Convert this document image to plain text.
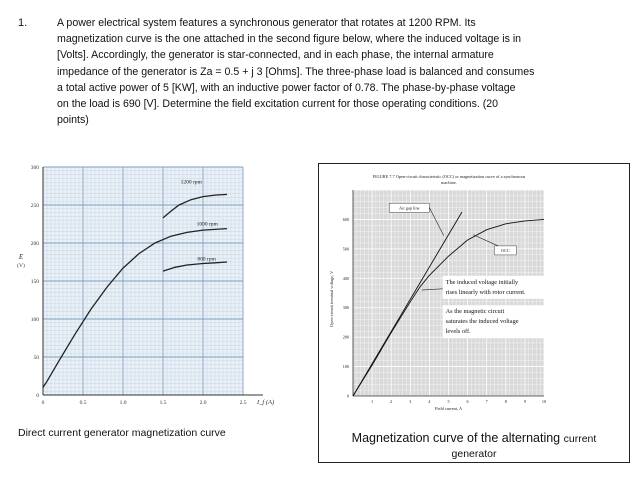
1.	A power electrical system features a synchronous generator that rotates at 1200 RPM. Its
magnetization curve is the one attached in the second figure below, where the induced voltage is in
[Volts]. Accordingly, the generator is star-connected, and in each phase, the internal armature
impedance of the generator is Za = 0.5 + j 3 [Ohms]. The three-phase load is balanced and consumes
a total active power of 5 [KW], with an inductive power factor of 0.78. The phase-by-phase voltage
on the load is 690 [V]. Determine the field excitation current for those operating conditions. (20
points)
0
50
100
150
200
250
300
0	0.5	1.0	1.5	2.0	2.5 I_f (A)
E
(V)
1200 rpm
1000 rpm
800 rpm
Direct current generator magnetization curve
FIGURE 7.7 Open-circuit characteristic (OCC) or magnetization curve of a synchronous
machine.
0
100
200
300
400
500
600
1	2	3	4	5	6	7	8	9	10
Field current, A
Open-circuit terminal voltage, V
Air gap line
OCC
The induced voltage initially
rises linearly with rotor current.
As the magnetic circuit
saturates the induced voltage
levels off.
Magnetization curve of the alternating current
generator
